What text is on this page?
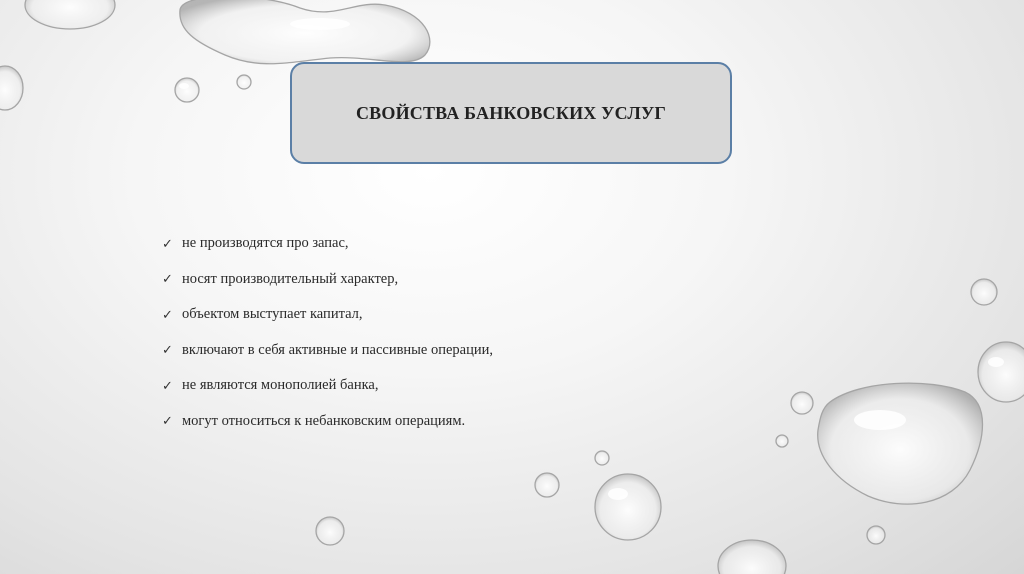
СВОЙСТВА БАНКОВСКИХ УСЛУГ
✓ не производятся про запас,
✓ носят производительный характер,
✓ объектом выступает капитал,
✓ включают в себя активные и пассивные операции,
✓ не являются монополией банка,
✓ могут относиться к небанковским операциям.
